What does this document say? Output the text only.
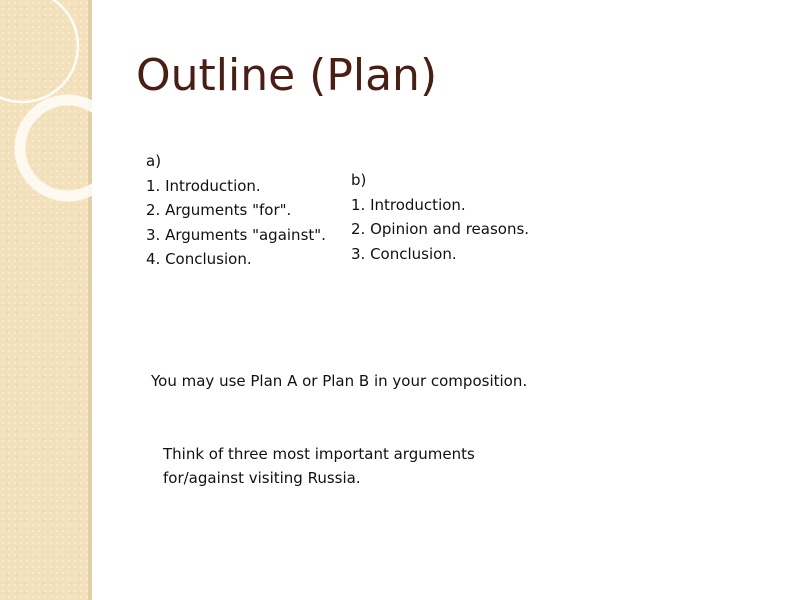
Outline (Plan)
a)
1. Introduction.
2. Arguments "for".
3. Arguments "against".
4. Conclusion.
b)
1. Introduction.
2. Opinion and reasons.
3. Conclusion.
You may use Plan A or Plan B in your composition.
Think of three most important arguments for/against visiting Russia.
